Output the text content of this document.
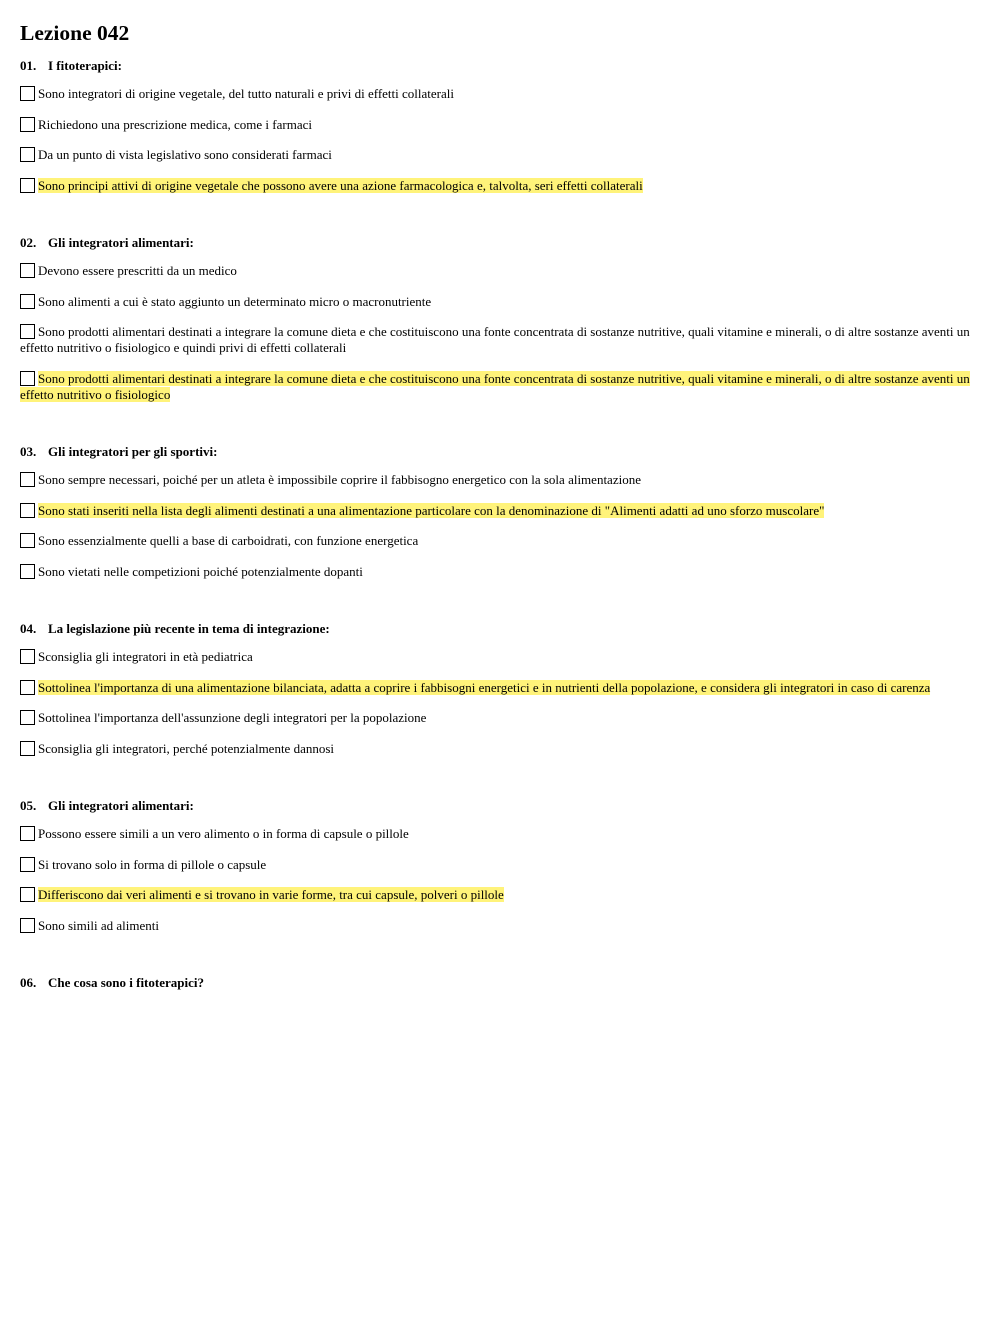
Lezione 042
01. I fitoterapici:
Sono integratori di origine vegetale, del tutto naturali e privi di effetti collaterali
Richiedono una prescrizione medica, come i farmaci
Da un punto di vista legislativo sono considerati farmaci
Sono principi attivi di origine vegetale che possono avere una azione farmacologica e, talvolta, seri effetti collaterali
02. Gli integratori alimentari:
Devono essere prescritti da un medico
Sono alimenti a cui è stato aggiunto un determinato micro o macronutriente
Sono prodotti alimentari destinati a integrare la comune dieta e che costituiscono una fonte concentrata di sostanze nutritive, quali vitamine e minerali, o di altre sostanze aventi un effetto nutritivo o fisiologico e quindi privi di effetti collaterali
Sono prodotti alimentari destinati a integrare la comune dieta e che costituiscono una fonte concentrata di sostanze nutritive, quali vitamine e minerali, o di altre sostanze aventi un effetto nutritivo o fisiologico
03. Gli integratori per gli sportivi:
Sono sempre necessari, poiché per un atleta è impossibile coprire il fabbisogno energetico con la sola alimentazione
Sono stati inseriti nella lista degli alimenti destinati a una alimentazione particolare con la denominazione di "Alimenti adatti ad uno sforzo muscolare"
Sono essenzialmente quelli a base di carboidrati, con funzione energetica
Sono vietati nelle competizioni poiché potenzialmente dopanti
04. La legislazione più recente in tema di integrazione:
Sconsiglia gli integratori in età pediatrica
Sottolinea l'importanza di una alimentazione bilanciata, adatta a coprire i fabbisogni energetici e in nutrienti della popolazione, e considera gli integratori in caso di carenza
Sottolinea l'importanza dell'assunzione degli integratori per la popolazione
Sconsiglia gli integratori, perché potenzialmente dannosi
05. Gli integratori alimentari:
Possono essere simili a un vero alimento o in forma di capsule o pillole
Si trovano solo in forma di pillole o capsule
Differiscono dai veri alimenti e si trovano in varie forme, tra cui capsule, polveri o pillole
Sono simili ad alimenti
06. Che cosa sono i fitoterapici?
